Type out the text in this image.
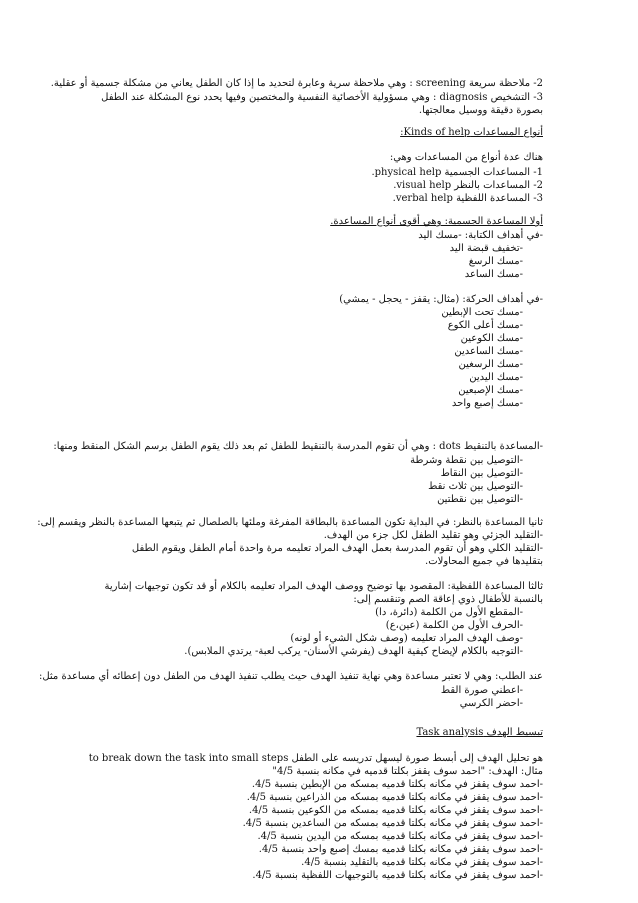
2- ملاحظة سريعة screening : وهي ملاحظة سرية وعابرة لتحديد ما إذا كان الطفل يعاني من مشكلة جسمية أو عقلية.
3- التشخيص diagnosis : وهي مسؤولية الأخصائية النفسية والمختصين وفيها يحدد نوع المشكلة عند الطفل بصورة دقيقة ووسيل معالجتها.
أنواع المساعدات Kinds of help:
هناك عدة أنواع من المساعدات وهي:
1- المساعدات الجسمية physical help.
2- المساعدات بالنظر visual help.
3- المساعدة اللفظية verbal help.
أولا المساعدة الجسمية: وهي أقوى أنواع المساعدة.
-في أهداف الكتابة: -مسك اليد
-تخفيف قبضة اليد
-مسك الرسغ
-مسك الساعد
-في أهداف الحركة: (مثال: يقفز - يحجل - يمشي)
-مسك تحت الإبطين
-مسك أعلى الكوع
-مسك الكوعين
-مسك الساعدين
-مسك الرسغين
-مسك اليدين
-مسك الإصبعين
-مسك إصبع واحد
-المساعدة بالتنقيط dots : وهي أن تقوم المدرسة بالتنقيط للطفل ثم بعد ذلك يقوم الطفل برسم الشكل المنقط ومنها:
-التوصيل بين نقطة وشرطة
-التوصيل بين النقاط
-التوصيل بين ثلاث نقط
-التوصيل بين نقطتين
ثانيا المساعدة بالنظر: في البداية تكون المساعدة بالبطاقة المفرغة وملئها بالصلصال ثم يتبعها المساعدة بالنظر ويقسم إلى:
-التقليد الجزئي وهو تقليد الطفل لكل جزء من الهدف.
-التقليد الكلي وهو أن تقوم المدرسة بعمل الهدف المراد تعليمه مرة واحدة أمام الطفل ويقوم الطفل بتقليدها في جميع المحاولات.
ثالثا المساعدة اللفظية: المقصود بها توضيح ووصف الهدف المراد تعليمه بالكلام أو قد تكون توجيهات إشارية بالنسبة للأطفال ذوي إعاقة الصم وتنقسم إلى:
-المقطع الأول من الكلمة (دائرة، دا)
-الحرف الأول من الكلمة (عين،ع)
-وصف الهدف المراد تعليمه (وصف شكل الشيء أو لونه)
-التوجيه بالكلام لإيضاح كيفية الهدف (يفرشي الأسنان- يركب لعبة- يرتدي الملابس).
عند الطلب: وهي لا تعتبر مساعدة وهي نهاية تنفيذ الهدف حيث يطلب تنفيذ الهدف من الطفل دون إعطائه أي مساعدة مثل:
-اعطني صورة القط
-احضر الكرسي
تبسيط الهدف Task analysis
هو تحليل الهدف إلى أبسط صورة ليسهل تدريسه على الطفل to break down the task into small steps
مثال: الهدف: "احمد سوف يقفز بكلتا قدميه في مكانه بنسبة 4/5"
-احمد سوف يقفز في مكانه بكلتا قدميه بمسكه من الإبطين بنسبة 4/5.
-احمد سوف يقفز في مكانه بكلتا قدميه بمسكه من الذراعين بنسبة 4/5.
-احمد سوف يقفز في مكانه بكلتا قدميه بمسكه من الكوعين بنسبة 4/5.
-احمد سوف يقفز في مكانه بكلتا قدميه بمسكه من الساعدين بنسبة 4/5.
-احمد سوف يقفز في مكانه بكلتا قدميه بمسكه من اليدين بنسبة 4/5.
-احمد سوف يقفز في مكانه بكلتا قدميه بمسك إصبع واحد بنسبة 4/5.
-احمد سوف يقفز في مكانه بكلتا قدميه بالتقليد بنسبة 4/5.
-احمد سوف يقفز في مكانه بكلتا قدميه بالتوجيهات اللفظية بنسبة 4/5.
